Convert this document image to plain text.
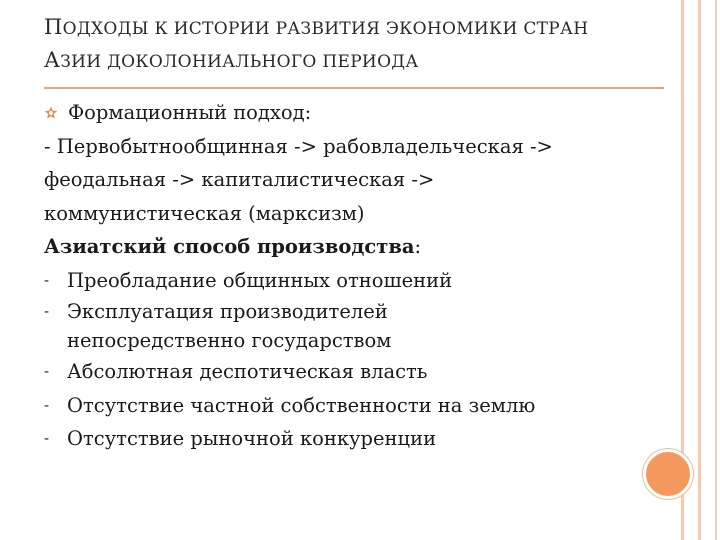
ПОДХОДЫ К ИСТОРИИ РАЗВИТИЯ ЭКОНОМИКИ СТРАН
АЗИИ ДОКОЛОНИАЛЬНОГО ПЕРИОДА
Формационный подход:
- Первобытнообщинная -> рабовладельческая ->
феодальная -> капиталистическая ->
коммунистическая (марксизм)
Азиатский способ производства:
- Преобладание общинных отношений
- Эксплуатация производителей
непосредственно государством
- Абсолютная деспотическая власть
- Отсутствие частной собственности на землю
- Отсутствие рыночной конкуренции
